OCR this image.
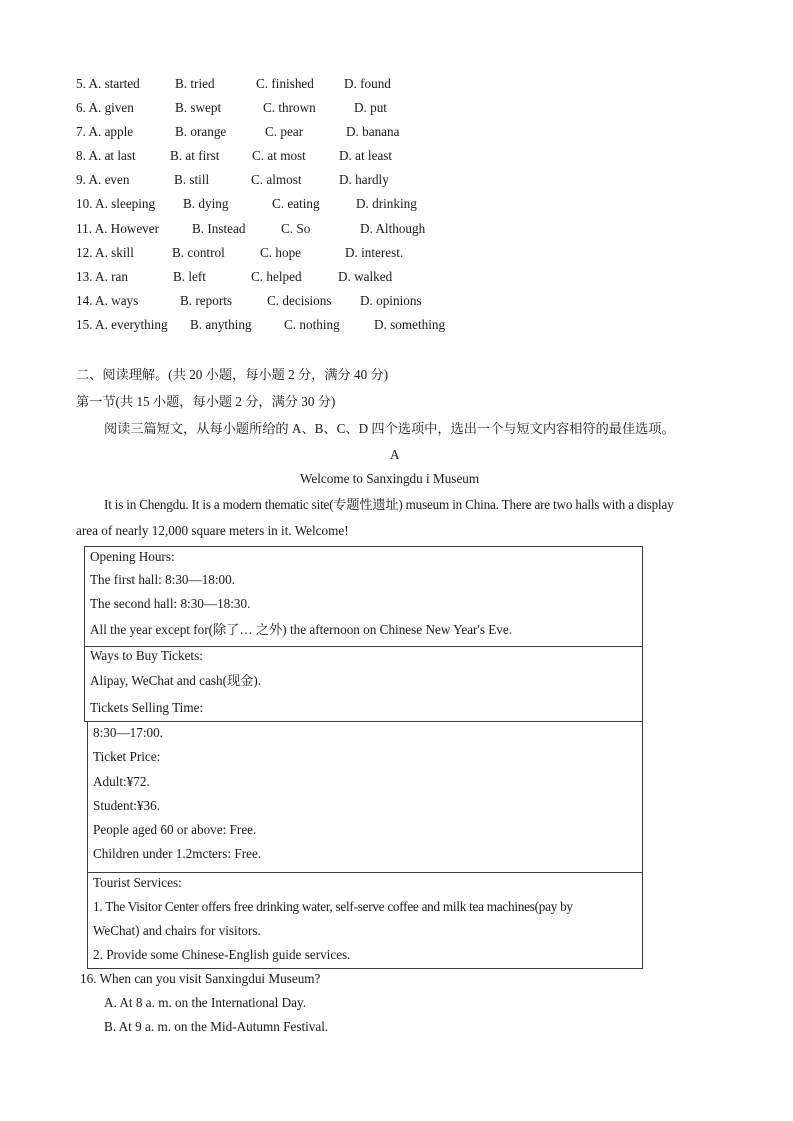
5. A. started	B. tried	C. finished D. found
6. A. given	B. swept	C. thrown	D. put
7. A. apple	B. orange	C. pear	D. banana
8. A. at last	B. at first C. at most	D. at least
9. A. even	B. still	C. almost	D. hardly
10. A. sleeping B. dying	C. eating	D. drinking
11. A. However B. Instead	C. So	D. Although
12. A. skill	B. control	C. hope	D. interest.
13. A. ran	B. left	C. helped	D. walked
14. A. ways	B. reports	C. decisions D. opinions
15. A. everything B. anything C. nothing	D. something
二、阅读理解。(共 20 小题，每小题 2 分，满分 40 分)
第一节(共 15 小题，每小题 2 分，满分 30 分)
阅读三篇短文，从每小题所给的 A、B、C、D 四个选项中，选出一个与短文内容相符的最佳选项。
A
Welcome to Sanxingdu i Museum
It is in Chengdu. It is a modern thematic site(专题性遗址) museum in China. There are two halls with a display
area of nearly 12,000 square meters in it. Welcome!
Opening Hours:
The first hall: 8:30—18:00.
The second hall: 8:30—18:30.
All the year except for(除了… 之外) the afternoon on Chinese New Year's Eve.
Ways to Buy Tickets:
Alipay, WeChat and cash(现金).
Tickets Selling Time:
8:30—17:00.
Ticket Price:
Adult:¥72.
Student:¥36.
People aged 60 or above: Free.
Children under 1.2mcters: Free.
Tourist Services:
1. The Visitor Center offers free drinking water, self-serve coffee and milk tea machines(pay by
WeChat) and chairs for visitors.
2. Provide some Chinese-English guide services.
16. When can you visit Sanxingdui Museum?
A. At 8 a. m. on the International Day.
B. At 9 a. m. on the Mid-Autumn Festival.
